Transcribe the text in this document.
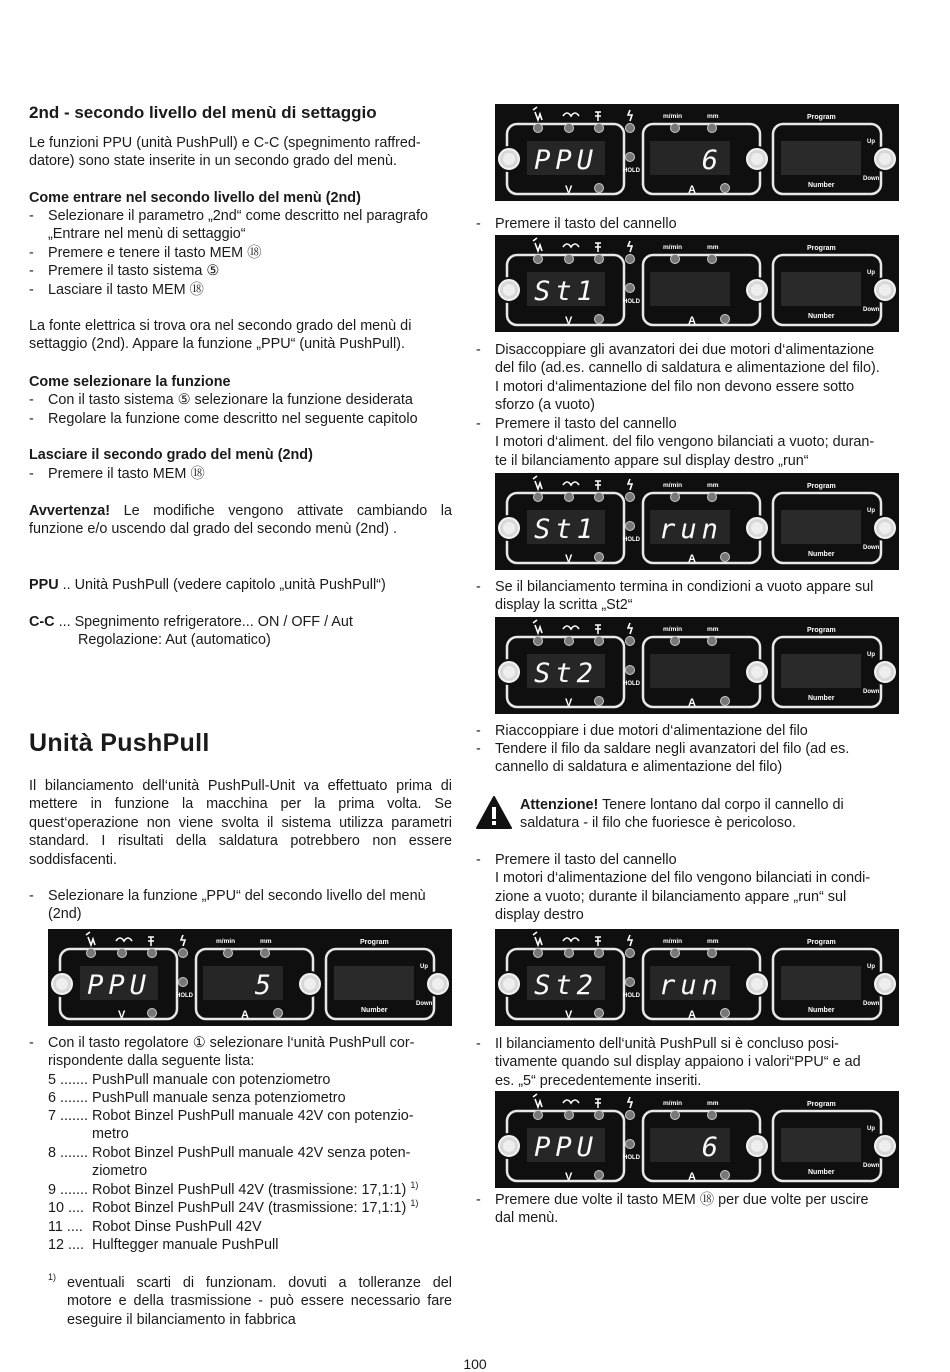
2nd - secondo livello del menù di settaggio
Le funzioni PPU (unità PushPull) e C-C (spegnimento raffred-
datore) sono state inserite in un secondo grado del menù.
Come entrare nel secondo livello del menù (2nd)
- Selezionare il parametro „2nd“ come descritto nel paragrafo
„Entrare nel menù di settaggio“
- Premere e tenere il tasto MEM ⑱
- Premere il tasto sistema ⑤
- Lasciare il tasto MEM ⑱
La fonte elettrica si trova ora nel secondo grado del menù di
settaggio (2nd). Appare la funzione „PPU“ (unità PushPull).
Come selezionare la funzione
- Con il tasto sistema ⑤ selezionare la funzione desiderata
- Regolare la funzione come descritto nel seguente capitolo
Lasciare il secondo grado del menù (2nd)
- Premere il tasto MEM ⑱
Avvertenza! Le modifiche vengono attivate cambiando la
funzione e/o uscendo dal grado del secondo menù (2nd) .
PPU .. Unità PushPull (vedere capitolo „unità PushPull“)
C-C ... Spegnimento refrigeratore... ON / OFF / Aut
Regolazione: Aut (automatico)
Unità PushPull
Il bilanciamento dell‘unità PushPull-Unit va effettuato prima di
mettere in funzione la macchina per la prima volta. Se
quest‘operazione non viene svolta il sistema utilizza parametri
standard. I risultati della saldatura potrebbero non essere
soddisfacenti.
- Selezionare la funzione „PPU“ del secondo livello del menù
(2nd)
m/min	mm	Program
HOLD
V	A
Up
Down
Number
PPU	5
- Con il tasto regolatore ① selezionare l‘unità PushPull cor-
rispondente dalla seguente lista:
5 ....... PushPull manuale con potenziometro
6 ....... PushPull manuale senza potenziometro
7 ....... Robot Binzel PushPull manuale 42V con potenzio-
metro
8 ....... Robot Binzel PushPull manuale 42V senza poten-
ziometro
9 ....... Robot Binzel PushPull 42V (trasmissione: 17,1:1) $^{1)}$
10 .... Robot Binzel PushPull 24V (trasmissione: 17,1:1) $^{1)}$
11 .... Robot Dinse PushPull 42V
12 .... Hulftegger manuale PushPull
1) eventuali scarti di funzionam. dovuti a tolleranze del
motore e della trasmissione - può essere necessario fare
eseguire il bilanciamento in fabbrica
m/min	mm	Program
HOLD
V	A
Up
Down
Number
PPU	6
- Premere il tasto del cannello
m/min	mm	Program
HOLD
V	A
Up
Down
Number
St1
- Disaccoppiare gli avanzatori dei due motori d‘alimentazione
del filo (ad.es. cannello di saldatura e alimentazione del filo).
I motori d‘alimentazione del filo non devono essere sotto
sforzo (a vuoto)
- Premere il tasto del cannello
I motori d‘aliment. del filo vengono bilanciati a vuoto; duran-
te il bilanciamento appare sul display destro „run“
m/min	mm	Program
HOLD
V	A
Up
Down
Number
St1 run
- Se il bilanciamento termina in condizioni a vuoto appare sul
display la scritta „St2“
m/min	mm	Program
HOLD
V	A
Up
Down
Number
St2
- Riaccoppiare i due motori d‘alimentazione del filo
- Tendere il filo da saldare negli avanzatori del filo (ad es.
cannello di saldatura e alimentazione del filo)
Attenzione! Tenere lontano dal corpo il cannello di
saldatura - il filo che fuoriesce è pericoloso.
- Premere il tasto del cannello
I motori d‘alimentazione del filo vengono bilanciati in condi-
zione a vuoto; durante il bilanciamento appare „run“ sul
display destro
m/min	mm	Program
HOLD
V	A
Up
Down
Number
St2 run
- Il bilanciamento dell‘unità PushPull si è concluso posi-
tivamente quando sul display appaiono i valori“PPU“ e ad
es. „5“ precedentemente inseriti.
m/min	mm	Program
HOLD
V	A
Up
Down
Number
PPU	6
- Premere due volte il tasto MEM ⑱ per due volte per uscire
dal menù.
100
